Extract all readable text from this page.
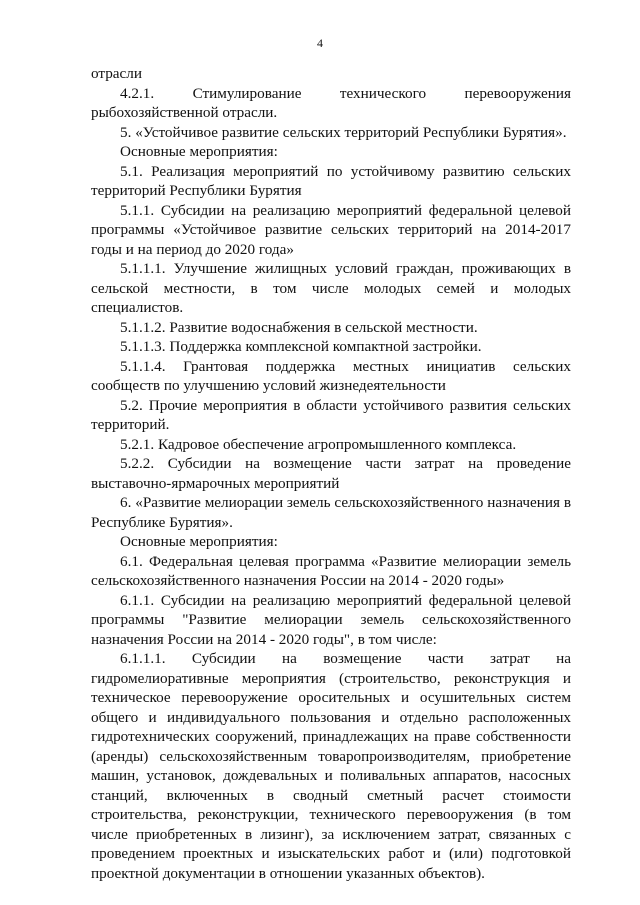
4

отрасли

4.2.1. Стимулирование технического перевооружения

рыбохозяйственной отрасли.

5. «Устойчивое развитие сельских территорий Республики Бурятия».

Основные мероприятия:

5.1. Реализация мероприятий по устойчивому развитию сельских территорий Республики Бурятия

5.1.1. Субсидии на реализацию мероприятий федеральной целевой программы «Устойчивое развитие сельских территорий на 2014-2017 годы и на период до 2020 года»

5.1.1.1. Улучшение жилищных условий граждан, проживающих в сельской местности, в том числе молодых семей и молодых специалистов.

5.1.1.2. Развитие водоснабжения в сельской местности.

5.1.1.3. Поддержка комплексной компактной застройки.

5.1.1.4. Грантовая поддержка местных инициатив сельских сообществ по улучшению условий жизнедеятельности

5.2. Прочие мероприятия в области устойчивого развития сельских территорий.

5.2.1. Кадровое обеспечение агропромышленного комплекса.

5.2.2. Субсидии на возмещение части затрат на проведение выставочно-ярмарочных мероприятий

6. «Развитие мелиорации земель сельскохозяйственного назначения в Республике Бурятия».

Основные мероприятия:

6.1. Федеральная целевая программа «Развитие мелиорации земель сельскохозяйственного назначения России на 2014 - 2020 годы»

6.1.1. Субсидии на реализацию мероприятий федеральной целевой программы "Развитие мелиорации земель сельскохозяйственного назначения России на 2014 - 2020 годы", в том числе:

6.1.1.1. Субсидии на возмещение части затрат на гидромелиоративные мероприятия (строительство, реконструкция и техническое перевооружение оросительных и осушительных систем общего и индивидуального пользования и отдельно расположенных гидротехнических сооружений, принадлежащих на праве собственности (аренды) сельскохозяйственным товаропроизводителям, приобретение машин, установок, дождевальных и поливальных аппаратов, насосных станций, включенных в сводный сметный расчет стоимости строительства, реконструкции, технического перевооружения (в том числе приобретенных в лизинг), за исключением затрат, связанных с проведением проектных и изыскательских работ и (или) подготовкой проектной документации в отношении указанных объектов).
